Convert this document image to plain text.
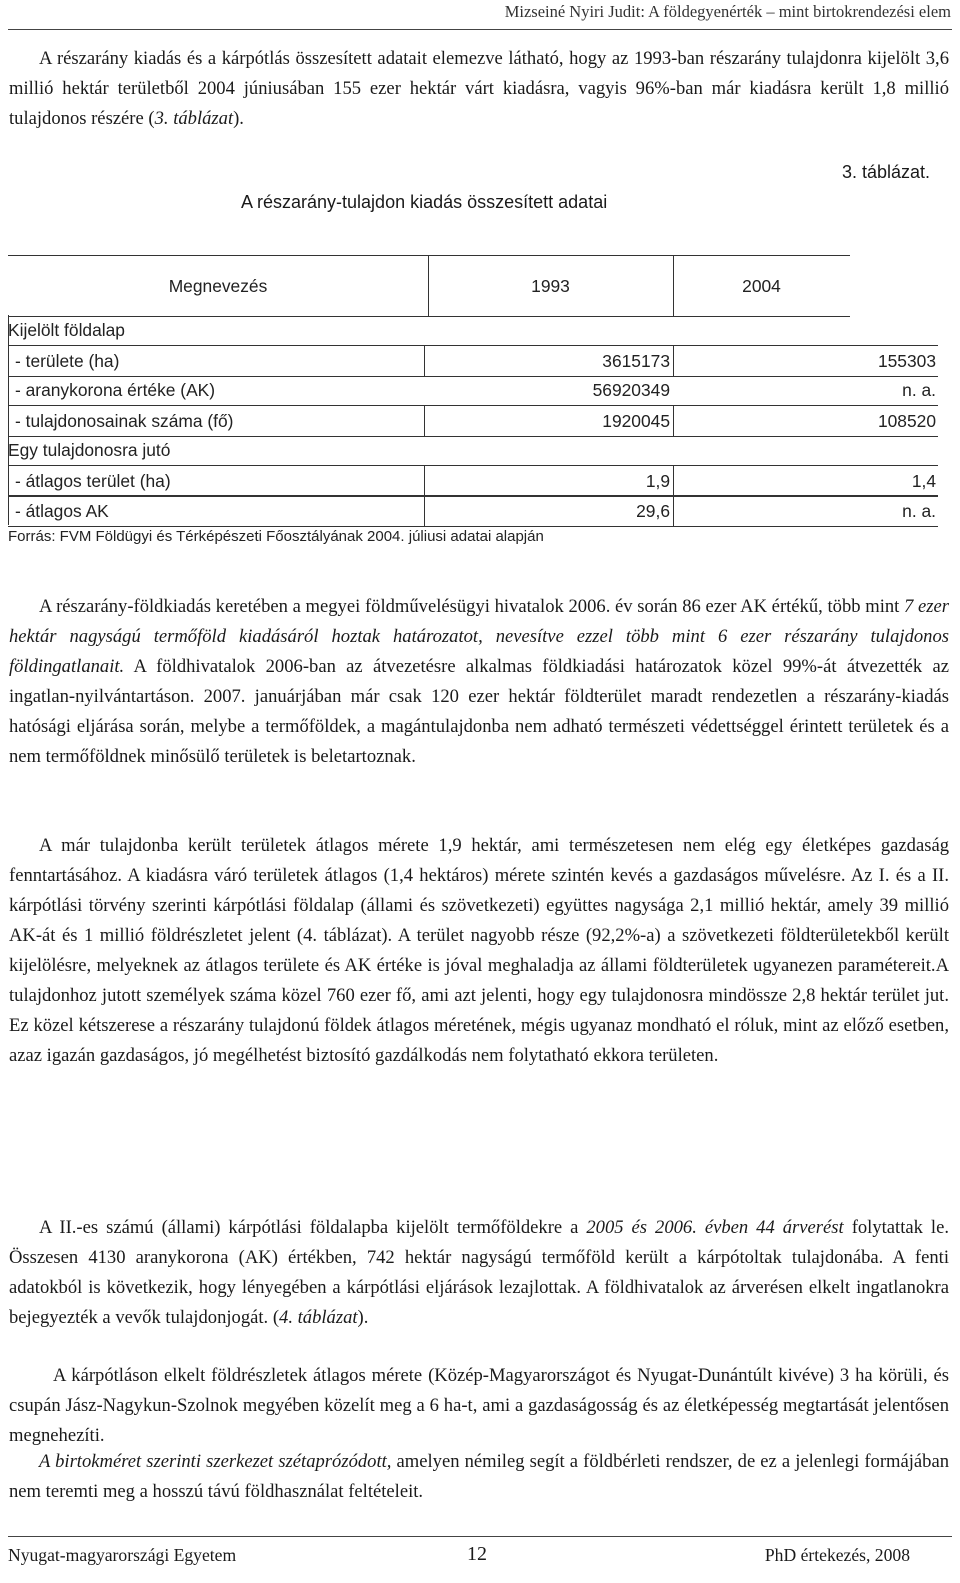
Mizseiné Nyiri Judit: A földegyenérték – mint birtokrendezési elem

A részarány kiadás és a kárpótlás összesített adatait elemezve látható, hogy az 1993-ban részarány tulajdonra kijelölt 3,6 millió hektár területből 2004 júniusában 155 ezer hektár várt kiadásra, vagyis 96%-ban már kiadásra került 1,8 millió tulajdonos részére (3. táblázat).

3. táblázat.
A részarány-tulajdon kiadás összesített adatai
Megnevezés	1993	2004
Kijelölt földalap
- területe (ha)	3615173	155303
- aranykorona értéke (AK)	56920349	n. a.
- tulajdonosainak száma (fő)	1920045	108520
Egy tulajdonosra jutó
- átlagos terület (ha)	1,9	1,4
- átlagos AK	29,6	n. a.
Forrás: FVM Földügyi és Térképészeti Főosztályának 2004. júliusi adatai alapján

A részarány-földkiadás keretében a megyei földművelésügyi hivatalok 2006. év során 86 ezer AK értékű, több mint 7 ezer hektár nagyságú termőföld kiadásáról hoztak határozatot, nevesítve ezzel több mint 6 ezer részarány tulajdonos földingatlanait. A földhivatalok 2006-ban az átvezetésre alkalmas földkiadási határozatok közel 99%-át átvezették az ingatlan-nyilvántartáson. 2007. januárjában már csak 120 ezer hektár földterület maradt rendezetlen a részarány-kiadás hatósági eljárása során, melybe a termőföldek, a magántulajdonba nem adható természeti védettséggel érintett területek és a nem termőföldnek minősülő területek is beletartoznak.

A már tulajdonba került területek átlagos mérete 1,9 hektár, ami természetesen nem elég egy életképes gazdaság fenntartásához. A kiadásra váró területek átlagos (1,4 hektáros) mérete szintén kevés a gazdaságos művelésre. Az I. és a II. kárpótlási törvény szerinti kárpótlási földalap (állami és szövetkezeti) együttes nagysága 2,1 millió hektár, amely 39 millió AK-át és 1 millió földrészletet jelent (4. táblázat). A terület nagyobb része (92,2%-a) a szövetkezeti földterületekből került kijelölésre, melyeknek az átlagos területe és AK értéke is jóval meghaladja az állami földterületek ugyanezen paramétereit.A tulajdonhoz jutott személyek száma közel 760 ezer fő, ami azt jelenti, hogy egy tulajdonosra mindössze 2,8 hektár terület jut. Ez közel kétszerese a részarány tulajdonú földek átlagos méretének, mégis ugyanaz mondható el róluk, mint az előző esetben, azaz igazán gazdaságos, jó megélhetést biztosító gazdálkodás nem folytatható ekkora területen.

A II.-es számú (állami) kárpótlási földalapba kijelölt termőföldekre a 2005 és 2006. évben 44 árverést folytattak le. Összesen 4130 aranykorona (AK) értékben, 742 hektár nagyságú termőföld került a kárpótoltak tulajdonába. A fenti adatokból is következik, hogy lényegében a kárpótlási eljárások lezajlottak. A földhivatalok az árverésen elkelt ingatlanokra bejegyezték a vevők tulajdonjogát. (4. táblázat).

A kárpótláson elkelt földrészletek átlagos mérete (Közép-Magyarországot és Nyugat-Dunántúlt kivéve) 3 ha körüli, és csupán Jász-Nagykun-Szolnok megyében közelít meg a 6 ha-t, ami a gazdaságosság és az életképesség megtartását jelentősen megnehezíti.

A birtokméret szerinti szerkezet szétaprózódott, amelyen némileg segít a földbérleti rendszer, de ez a jelenlegi formájában nem teremti meg a hosszú távú földhasználat feltételeit.

Nyugat-magyarországi Egyetem	12	PhD értekezés, 2008
